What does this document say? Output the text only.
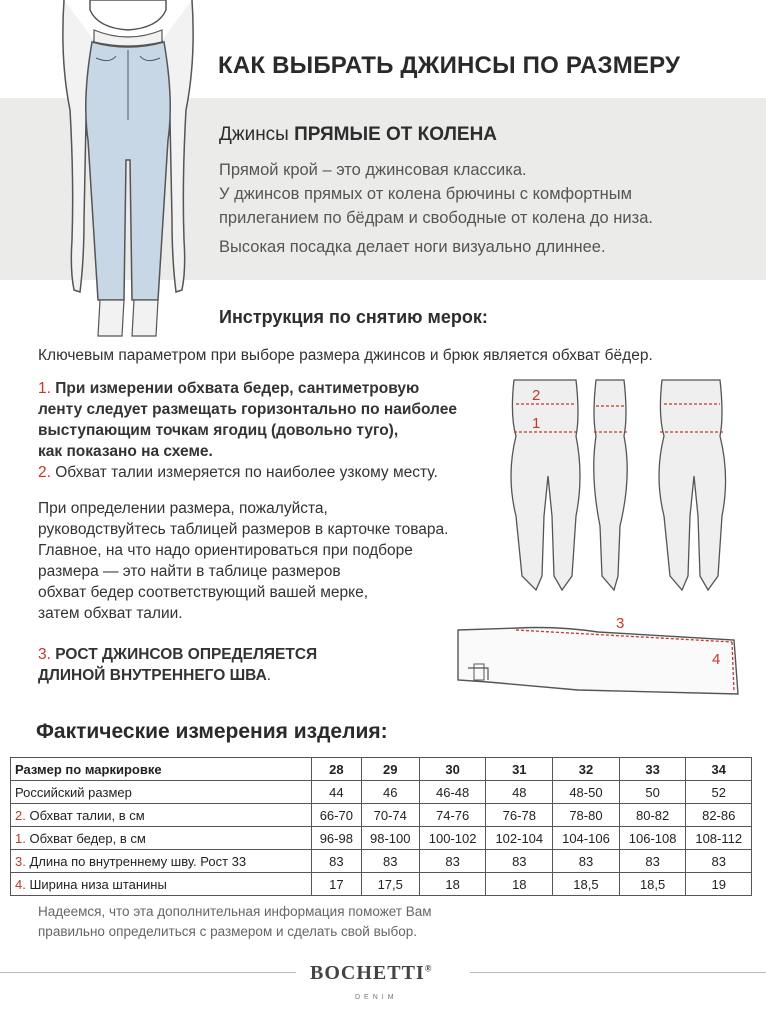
КАК ВЫБРАТЬ ДЖИНСЫ ПО РАЗМЕРУ
Джинсы ПРЯМЫЕ ОТ КОЛЕНА
Прямой крой – это джинсовая классика.
У джинсов прямых от колена брючины с комфортным
прилеганием по бёдрам и свободные от колена до низа.
Высокая посадка делает ноги визуально длиннее.
Инструкция по снятию мерок:
Ключевым параметром при выборе размера джинсов и брюк является обхват бёдер.
1. При измерении обхвата бедер, сантиметровую
ленту следует размещать горизонтально по наиболее
выступающим точкам ягодиц (довольно туго),
как показано на схеме.
2. Обхват талии измеряется по наиболее узкому месту.
При определении размера, пожалуйста,
руководствуйтесь таблицей размеров в карточке товара.
Главное, на что надо ориентироваться при подборе
размера — это найти в таблице размеров
обхват бедер соответствующий вашей мерке,
затем обхват талии.
3. РОСТ ДЖИНСОВ ОПРЕДЕЛЯЕТСЯ
ДЛИНОЙ ВНУТРЕННЕГО ШВА.
2
1
3
4
Фактические измерения изделия:
Размер по маркировке	28	29	30	31	32	33	34
Российский размер	44	46	46-48	48	48-50	50	52
2. Обхват талии, в см	66-70	70-74	74-76	76-78	78-80	80-82	82-86
1. Обхват бедер, в см	96-98	98-100	100-102	102-104	104-106	106-108	108-112
3. Длина по внутреннему шву. Рост 33	83	83	83	83	83	83	83
4. Ширина низа штанины	17	17,5	18	18	18,5	18,5	19
Надеемся, что эта дополнительная информация поможет Вам
правильно определиться с размером и сделать свой выбор.
BOCHETTI®
DENIM
